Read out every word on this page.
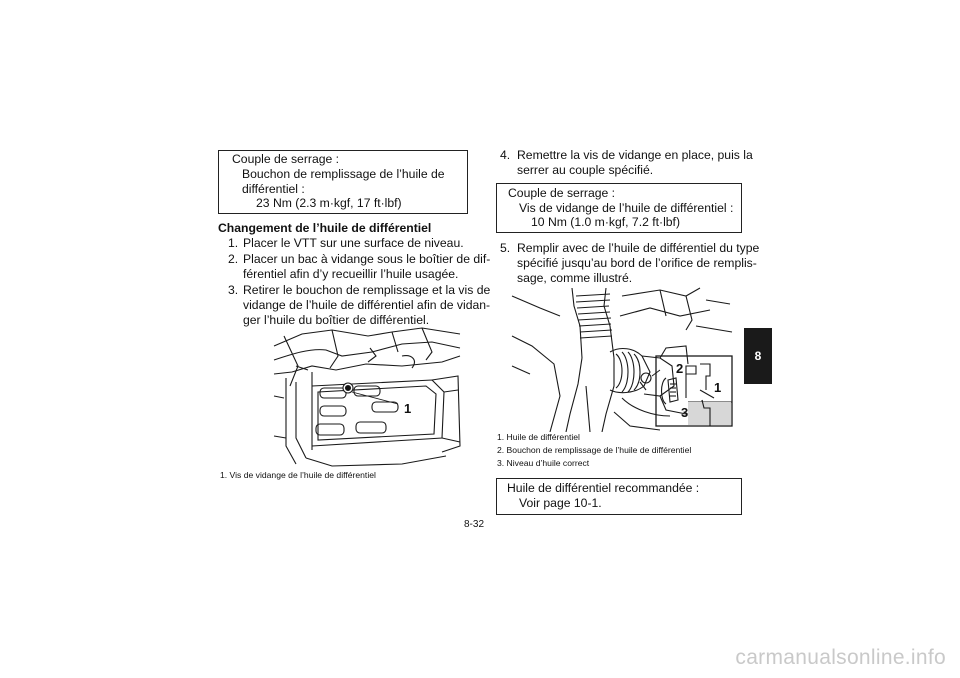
Couple de serrage :
Bouchon de remplissage de l’huile de
différentiel :
23 Nm (2.3 m·kgf, 17 ft·lbf)
Changement de l’huile de différentiel
1. Placer le VTT sur une surface de niveau.
2. Placer un bac à vidange sous le boîtier de dif-
férentiel afin d’y recueillir l’huile usagée.
3. Retirer le bouchon de remplissage et la vis de
vidange de l’huile de différentiel afin de vidan-
ger l’huile du boîtier de différentiel.
1
1. Vis de vidange de l’huile de différentiel
4. Remettre la vis de vidange en place, puis la
serrer au couple spécifié.
Couple de serrage :
Vis de vidange de l’huile de différentiel :
10 Nm (1.0 m·kgf, 7.2 ft·lbf)
5. Remplir avec de l’huile de différentiel du type
spécifié jusqu’au bord de l’orifice de remplis-
sage, comme illustré.
2
1
3
1. Huile de différentiel
2. Bouchon de remplissage de l’huile de différentiel
3. Niveau d’huile correct
Huile de différentiel recommandée :
Voir page 10-1.
8-32
8
carmanualsonline.info
